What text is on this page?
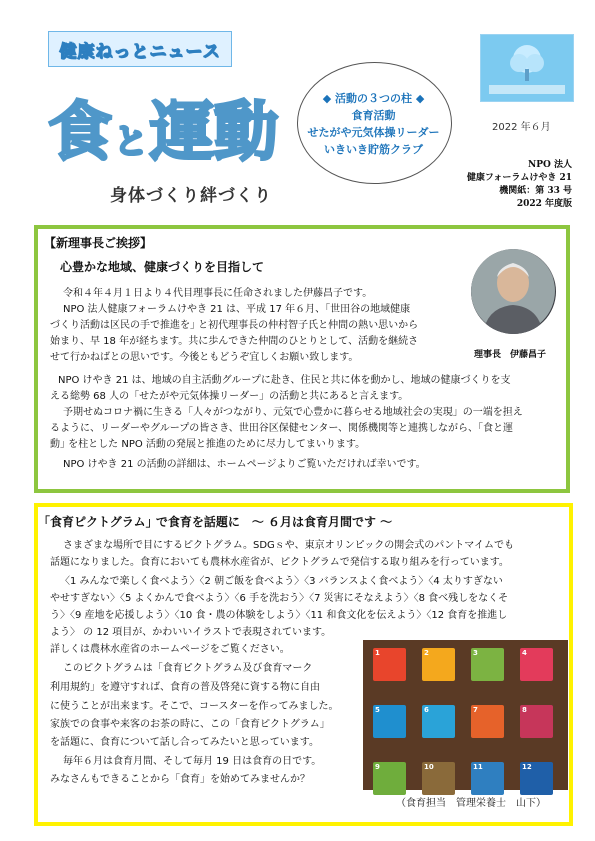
健康ねっとニュース
食 と 運動
身体づくり絆づくり
◆ 活動の３つの柱 ◆
食育活動
せたがや元気体操リーダー
いきいき貯筋クラブ
2022 年６月
NPO 法人
健康フォーラムけやき 21
機関紙：第 33 号
2022 年度版
【新理事長ご挨拶】
心豊かな地域、健康づくりを目指して
理事長　伊藤昌子
令和４年４月１日より４代目理事長に任命されました伊藤昌子です。
NPO 法人健康フォーラムけやき 21 は、平成 17 年６月、｢世田谷の地域健康
づくり活動は区民の手で推進を｣ と初代理事長の仲村智子氏と仲間の熱い思いから
始まり、早 18 年が経ちます。共に歩んできた仲間のひとりとして、活動を継続さ
せて行かねばとの思いです。今後ともどうぞ宜しくお願い致します。
NPO けやき 21 は、地域の自主活動グループに赴き、住民と共に体を動かし、地域の健康づくりを支
える総勢 68 人の「せたがや元気体操リーダー」の活動と共にあると言えます。
予期せぬコロナ禍に生きる「人々がつながり、元気で心豊かに暮らせる地域社会の実現」の一端を担え
るように、リーダーやグループの皆さき、世田谷区保健センター、関係機関等と連携しながら、｢食と運
動｣ を柱とした NPO 活動の発展と推進のために尽力してまいります。
NPO けやき 21 の活動の詳細は、ホームページよりご覧いただければ幸いです。
｢食育ピクトグラム｣ で食育を話題に　～ ６月は食育月間です ～
さまざまな場所で目にするピクトグラム。SDGｓや、東京オリンピックの開会式のパントマイムでも
話題になりました。食育においても農林水産省が、ピクトグラムで発信する取り組みを行っています。
〈1 みんなで楽しく食べよう〉〈2 朝ご飯を食べよう〉〈3 バランスよく食べよう〉〈4 太りすぎない
やせすぎない〉〈5 よくかんで食べよう〉〈6 手を洗おう〉〈7 災害にそなえよう〉〈8 食べ残しをなくそ
う〉〈9 産地を応援しよう〉〈10 食・農の体験をしよう〉〈11 和食文化を伝えよう〉〈12 食育を推進し
よう〉 の 12 項目が、かわいいイラストで表現されています。
詳しくは農林水産省のホームページをご覧ください。
このピクトグラムは「食育ピクトグラム及び食育マーク
利用規約」を遵守すれば、食育の普及啓発に資する物に自由
に使うことが出来ます。そこで、コースターを作ってみました。
家族での食事や来客のお茶の時に、この「食育ピクトグラム」
を話題に、食育について話し合ってみたいと思っています。
毎年６月は食育月間、そして毎月 19 日は食育の日です。
みなさんもできることから「食育」を始めてみませんか？
1	2	3	4
5	6	7	8
9	10	11	12
（食育担当　管理栄養士　山下）
